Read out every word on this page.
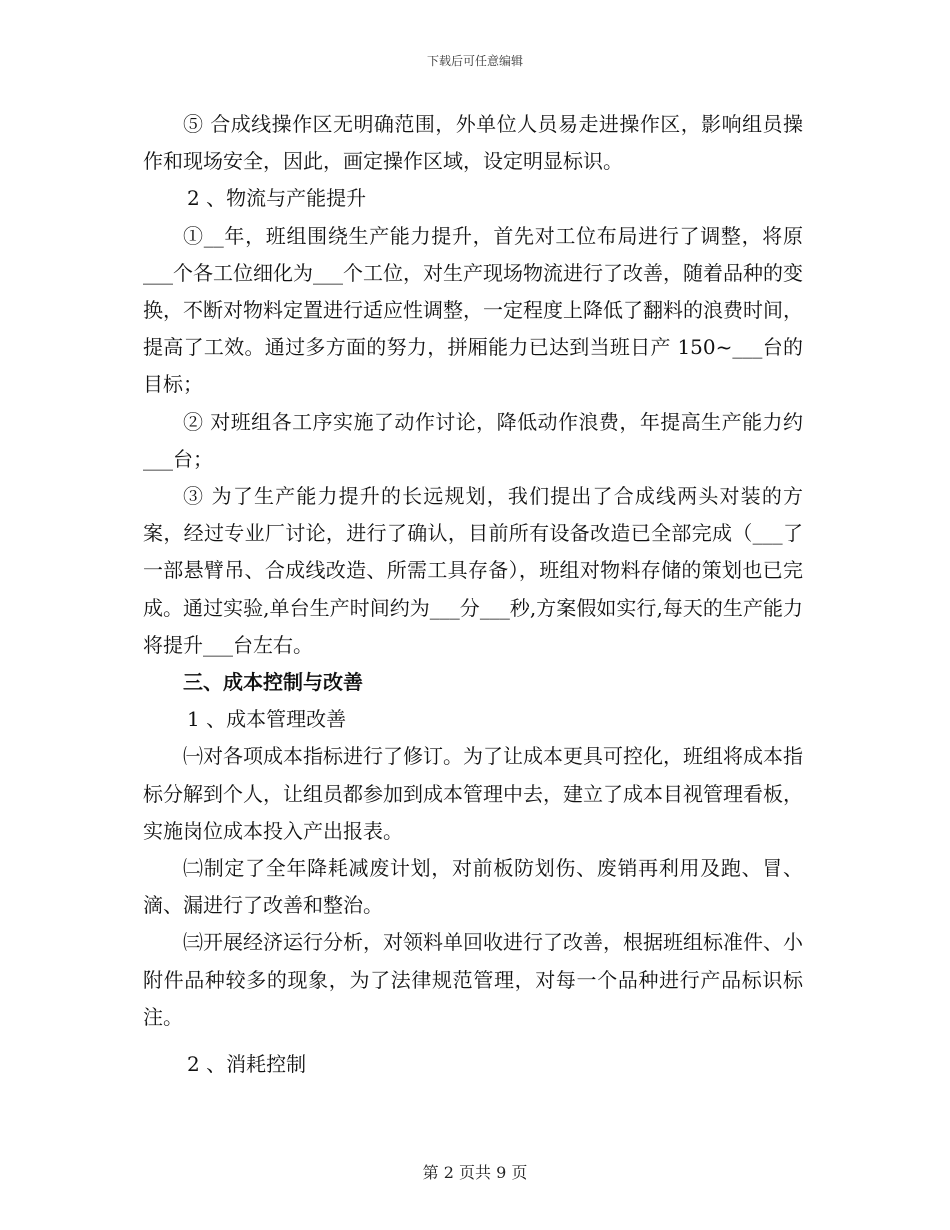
下载后可任意编辑

⑤ 合成线操作区无明确范围，外单位人员易走进操作区，影响组员操作和现场安全，因此，画定操作区域，设定明显标识。

2 、物流与产能提升

①__年，班组围绕生产能力提升，首先对工位布局进行了调整，将原___个各工位细化为___个工位，对生产现场物流进行了改善，随着品种的变换，不断对物料定置进行适应性调整，一定程度上降低了翻料的浪费时间，提高了工效。通过多方面的努力，拼厢能力已达到当班日产 150~___台的目标；

② 对班组各工序实施了动作讨论，降低动作浪费，年提高生产能力约___台；

③ 为了生产能力提升的长远规划，我们提出了合成线两头对装的方案，经过专业厂讨论，进行了确认，目前所有设备改造已全部完成（___了一部悬臂吊、合成线改造、所需工具存备），班组对物料存储的策划也已完成。通过实验,单台生产时间约为___分___秒,方案假如实行,每天的生产能力将提升___台左右。

三、成本控制与改善

1 、成本管理改善

㈠对各项成本指标进行了修订。为了让成本更具可控化，班组将成本指标分解到个人，让组员都参加到成本管理中去，建立了成本目视管理看板，实施岗位成本投入产出报表。

㈡制定了全年降耗减废计划，对前板防划伤、废销再利用及跑、冒、滴、漏进行了改善和整治。

㈢开展经济运行分析，对领料单回收进行了改善，根据班组标准件、小附件品种较多的现象，为了法律规范管理，对每一个品种进行产品标识标注。

2 、消耗控制

第 2 页共 9 页
